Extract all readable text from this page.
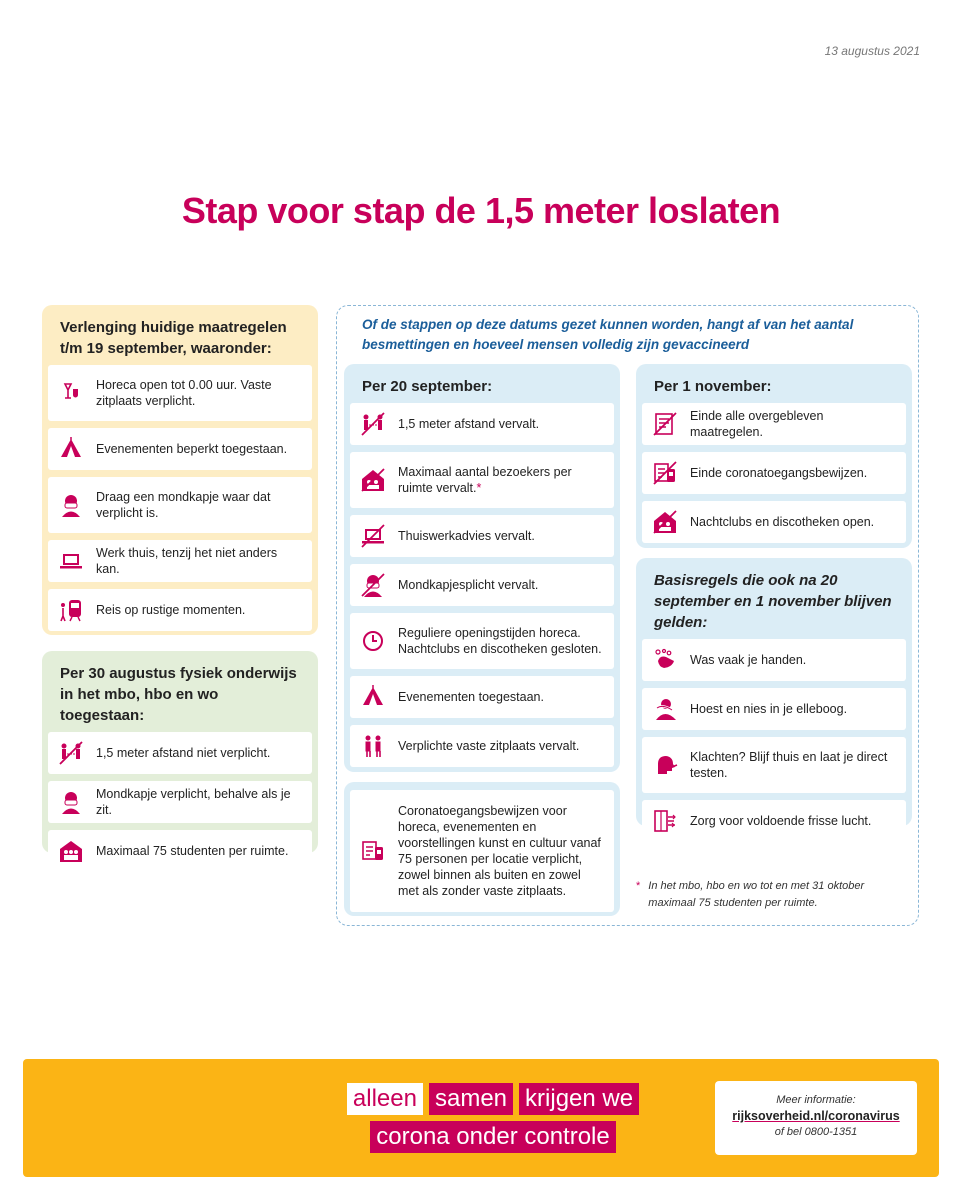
13 augustus 2021
Stap voor stap de 1,5 meter loslaten
Verlenging huidige maatregelen t/m 19 september, waaronder:
Horeca open tot 0.00 uur. Vaste zitplaats verplicht.
Evenementen beperkt toegestaan.
Draag een mondkapje waar dat verplicht is.
Werk thuis, tenzij het niet anders kan.
Reis op rustige momenten.
Per 30 augustus fysiek onderwijs in het mbo, hbo en wo toegestaan:
1,5 meter afstand niet verplicht.
Mondkapje verplicht, behalve als je zit.
Maximaal 75 studenten per ruimte.
Of de stappen op deze datums gezet kunnen worden, hangt af van het aantal besmettingen en hoeveel mensen volledig zijn gevaccineerd
Per 20 september:
1,5 meter afstand vervalt.
Maximaal aantal bezoekers per ruimte vervalt.*
Thuiswerkadvies vervalt.
Mondkapjesplicht vervalt.
Reguliere openingstijden horeca. Nachtclubs en discotheken gesloten.
Evenementen toegestaan.
Verplichte vaste zitplaats vervalt.
Coronatoegangsbewijzen voor horeca, evenementen en voorstellingen kunst en cultuur vanaf 75 personen per locatie verplicht, zowel binnen als buiten en zowel met als zonder vaste zitplaats.
Per 1 november:
Einde alle overgebleven maatregelen.
Einde coronatoegangsbewijzen.
Nachtclubs en discotheken open.
Basisregels die ook na 20 september en 1 november blijven gelden:
Was vaak je handen.
Hoest en nies in je elleboog.
Klachten? Blijf thuis en laat je direct testen.
Zorg voor voldoende frisse lucht.
* In het mbo, hbo en wo tot en met 31 oktober maximaal 75 studenten per ruimte.
alleen samen krijgen we
corona onder controle
Meer informatie:
rijksoverheid.nl/coronavirus
of bel 0800-1351
